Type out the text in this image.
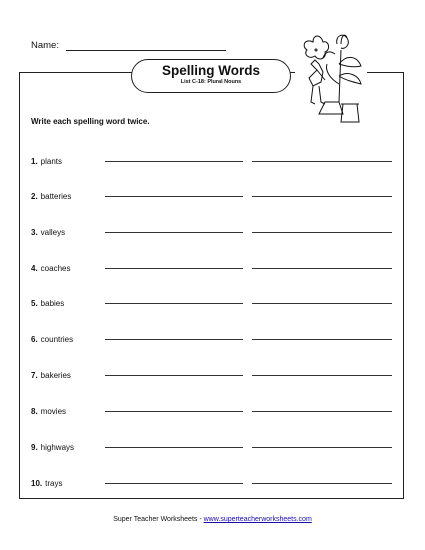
Name:
Spelling Words
List C-18: Plural Nouns
Write each spelling word twice.
1. plants
2. batteries
3. valleys
4. coaches
5. babies
6. countries
7. bakeries
8. movies
9. highways
10. trays
Super Teacher Worksheets - www.superteacherworksheets.com
